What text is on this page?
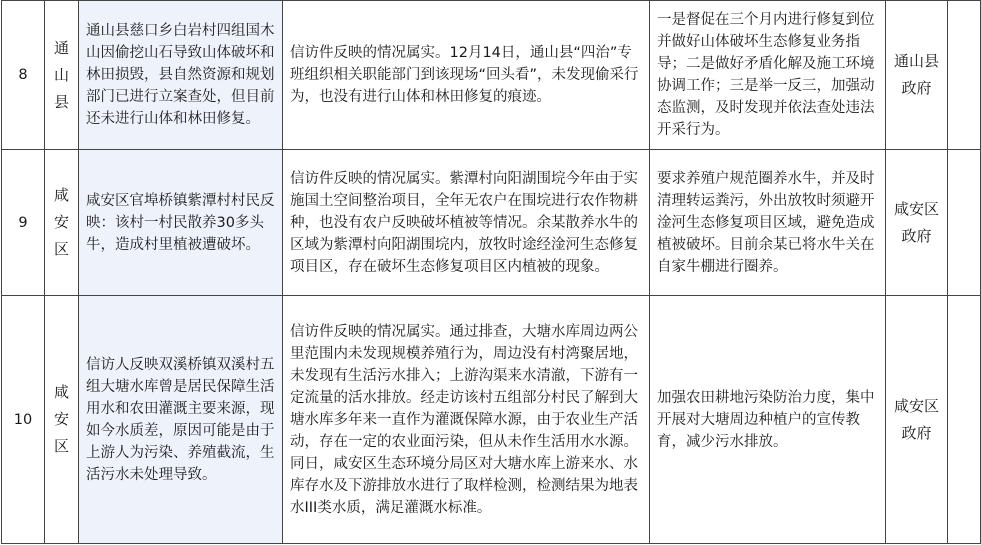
8	通山县	通山县慈口乡白岩村四组国木山因偷挖山石导致山体破坏和林田损毁，县自然资源和规划部门已进行立案查处，但目前还未进行山体和林田修复。	信访件反映的情况属实。12月14日，通山县“四治”专班组织相关职能部门到该现场“回头看”，未发现偷采行为，也没有进行山体和林田修复的痕迹。	一是督促在三个月内进行修复到位并做好山体破坏生态修复业务指导；二是做好矛盾化解及施工环境协调工作；三是举一反三，加强动态监测，及时发现并依法查处违法开采行为。	通山县政府	
9	咸安区	咸安区官埠桥镇紫潭村村民反映：该村一村民散养30多头牛，造成村里植被遭破坏。	信访件反映的情况属实。紫潭村向阳湖围垸今年由于实施国土空间整治项目，全年无农户在围垸进行农作物耕种，也没有农户反映破坏植被等情况。余某散养水牛的区域为紫潭村向阳湖围垸内，放牧时途经淦河生态修复项目区，存在破坏生态修复项目区内植被的现象。	要求养殖户规范圈养水牛，并及时清理转运粪污，外出放牧时须避开淦河生态修复项目区域，避免造成植被破坏。目前余某已将水牛关在自家牛棚进行圈养。	咸安区政府	
10	咸安区	信访人反映双溪桥镇双溪村五组大塘水库曾是居民保障生活用水和农田灌溉主要来源，现如今水质差，原因可能是由于上游人为污染、养殖截流，生活污水未处理导致。	信访件反映的情况属实。通过排查，大塘水库周边两公里范围内未发现规模养殖行为，周边没有村湾聚居地，未发现有生活污水排入；上游沟渠来水清澈，下游有一定流量的活水排放。经走访该村五组部分村民了解到大塘水库多年来一直作为灌溉保障水源，由于农业生产活动，存在一定的农业面污染，但从未作生活用水水源。同日，咸安区生态环境分局区对大塘水库上游来水、水库存水及下游排放水进行了取样检测，检测结果为地表水III类水质，满足灌溉水标准。	加强农田耕地污染防治力度，集中开展对大塘周边种植户的宣传教育，减少污水排放。	咸安区政府	
